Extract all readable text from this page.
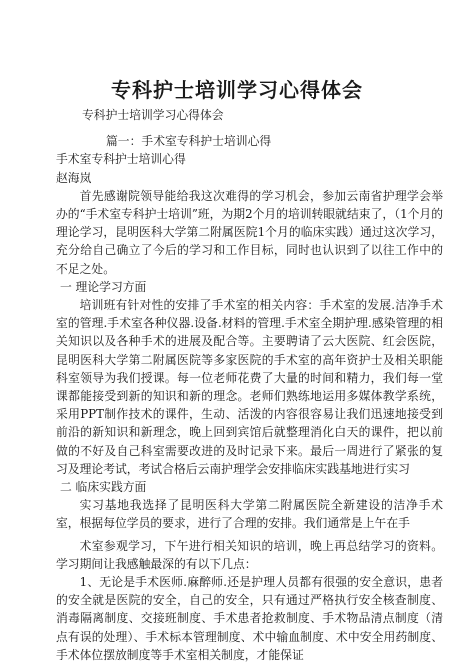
专科护士培训学习心得体会

专科护士培训学习心得体会

篇一：手术室专科护士培训心得

手术室专科护士培训心得

赵海岚

首先感谢院领导能给我这次难得的学习机会，参加云南省护理学会举办的“手术室专科护士培训”班，为期2个月的培训转眼就结束了，（1个月的理论学习，昆明医科大学第二附属医院1个月的临床实践）通过这次学习，充分给自己确立了今后的学习和工作目标，同时也认识到了以往工作中的不足之处。

一 理论学习方面

培训班有针对性的安排了手术室的相关内容：手术室的发展.洁净手术室的管理.手术室各种仪器.设备.材料的管理.手术室全期护理.感染管理的相关知识以及各种手术的进展及配合等。主要聘请了云大医院、红会医院，昆明医科大学第二附属医院等多家医院的手术室的高年资护士及相关职能科室领导为我们授课。每一位老师花费了大量的时间和精力，我们每一堂课都能接受到新的知识和新的理念。老师们熟练地运用多媒体教学系统，采用PPT制作技术的课件，生动、活泼的内容很容易让我们迅速地接受到前沿的新知识和新理念，晚上回到宾馆后就整理消化白天的课件，把以前做的不好及自己科室需要改进的及时记录下来。最后一周进行了紧张的复习及理论考试，考试合格后云南护理学会安排临床实践基地进行实习

二 临床实践方面

实习基地我选择了昆明医科大学第二附属医院全新建设的洁净手术室，根据每位学员的要求，进行了合理的安排。我们通常是上午在手

术室参观学习，下午进行相关知识的培训，晚上再总结学习的资料。学习期间让我感触最深的有以下几点：

1、无论是手术医师.麻醉师.还是护理人员都有很强的安全意识，患者的安全就是医院的安全，自己的安全，只有通过严格执行安全核查制度、消毒隔离制度、交接班制度、手术患者抢救制度、手术物品清点制度（清点有误的处理）、手术标本管理制度、术中输血制度、术中安全用药制度、手术体位摆放制度等手术室相关制度，才能保证
